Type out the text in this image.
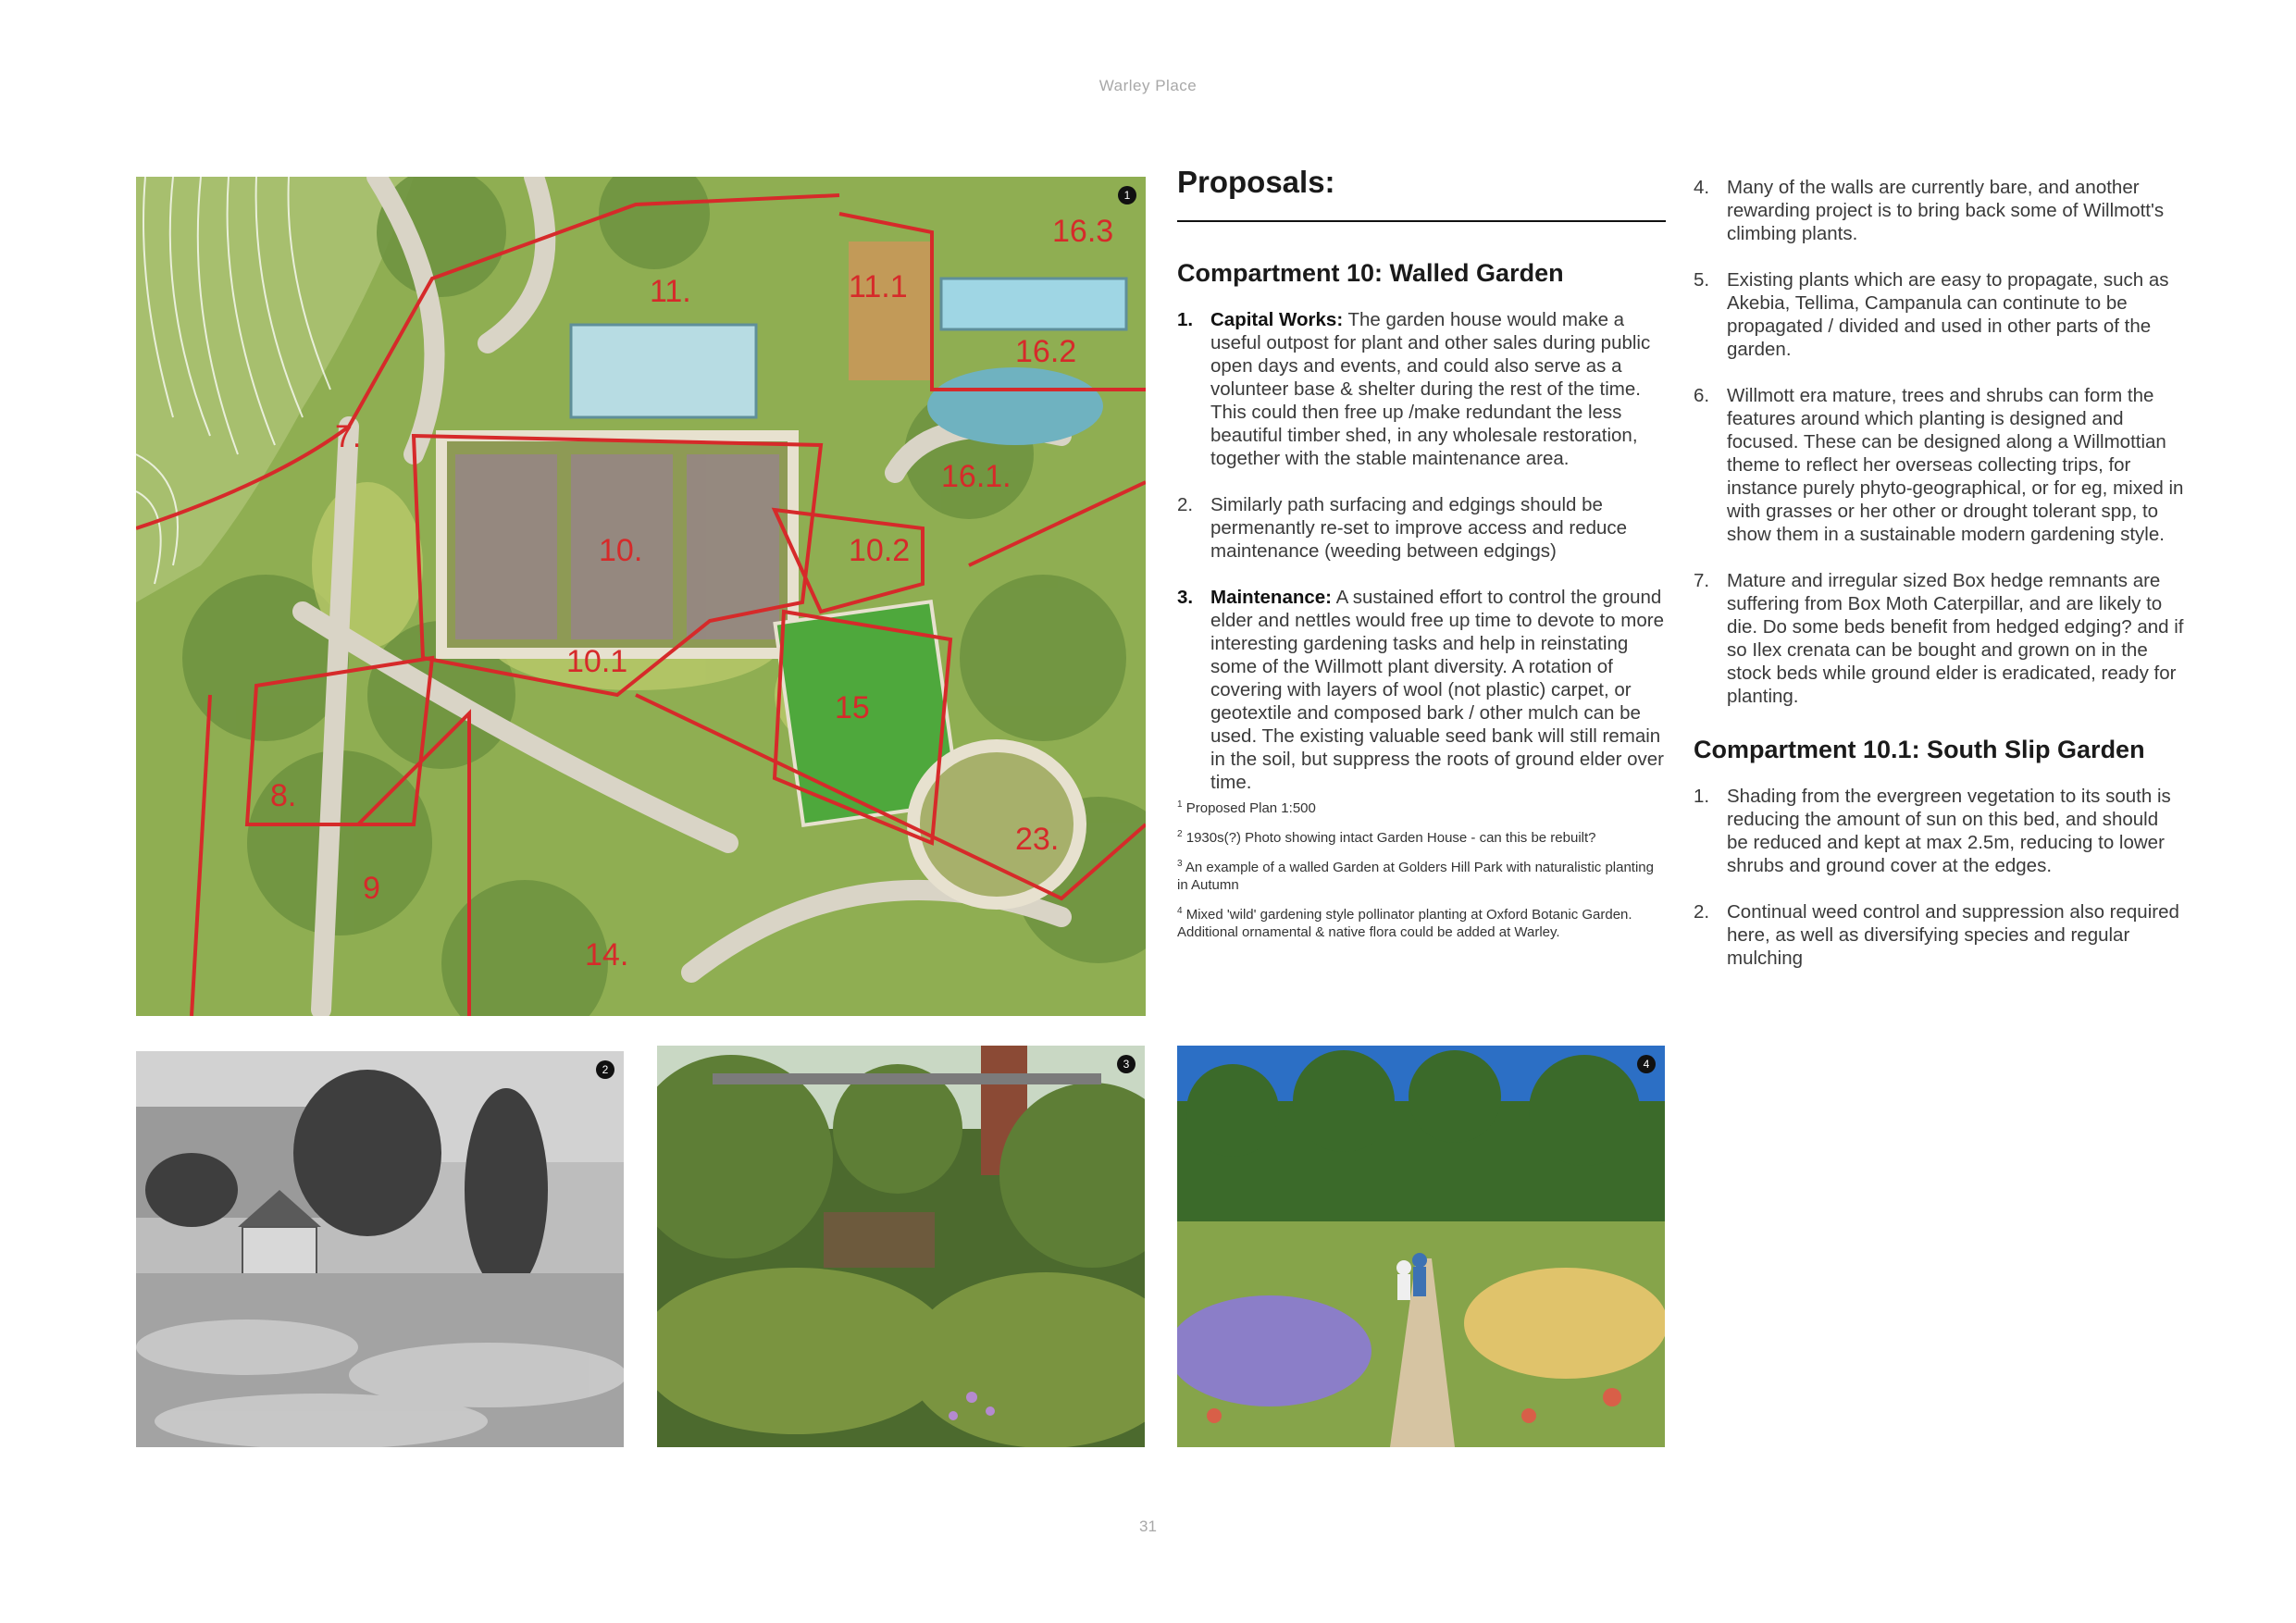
Warley Place
11.	11.1
16.3
16.2
16.1.
7.
10.	10.2
10.1
15
8.
9
14.
23.
1
2	3	4
Proposals:
Compartment 10: Walled Garden
1. Capital Works: The garden house would make a useful outpost for plant and other sales during public open days and events, and could also serve as a volunteer base & shelter during the rest of the time. This could then free up /make redundant the less beautiful timber shed, in any wholesale restoration, together with the stable maintenance area.
2. Similarly path surfacing and edgings should be permenantly re-set to improve access and reduce maintenance (weeding between edgings)
3. Maintenance: A sustained effort to control the ground elder and nettles would free up time to devote to more interesting gardening tasks and help in reinstating some of the Willmott plant diversity. A rotation of covering with layers of wool (not plastic) carpet, or geotextile and composed bark / other mulch can be used. The existing valuable seed bank will still remain in the soil, but suppress the roots of ground elder over time.

$^1$ Proposed Plan 1:500

$^2$ 1930s(?) Photo showing intact Garden House - can this be rebuilt?

$^3$ An example of a walled Garden at Golders Hill Park with naturalistic planting in Autumn

$^4$ Mixed 'wild' gardening style pollinator planting at Oxford Botanic Garden. Additional ornamental & native flora could be added at Warley.

4. Many of the walls are currently bare, and another rewarding project is to bring back some of Willmott's climbing plants.
5. Existing plants which are easy to propagate, such as Akebia, Tellima, Campanula can continute to be propagated / divided and used in other parts of the garden.
6. Willmott era mature, trees and shrubs can form the features around which planting is designed and focused. These can be designed along a Willmottian theme to reflect her overseas collecting trips, for instance purely phyto-geographical, or for eg, mixed in with grasses or her other or drought tolerant spp, to show them in a sustainable modern gardening style.
7. Mature and irregular sized Box hedge remnants are suffering from Box Moth Caterpillar, and are likely to die. Do some beds benefit from hedged edging? and if so Ilex crenata can be bought and grown on in the stock beds while ground elder is eradicated, ready for planting.
Compartment 10.1: South Slip Garden
1. Shading from the evergreen vegetation to its south is reducing the amount of sun on this bed, and should be reduced and kept at max 2.5m, reducing to lower shrubs and ground cover at the edges.
2. Continual weed control and suppression also required here, as well as diversifying species and regular mulching
31
